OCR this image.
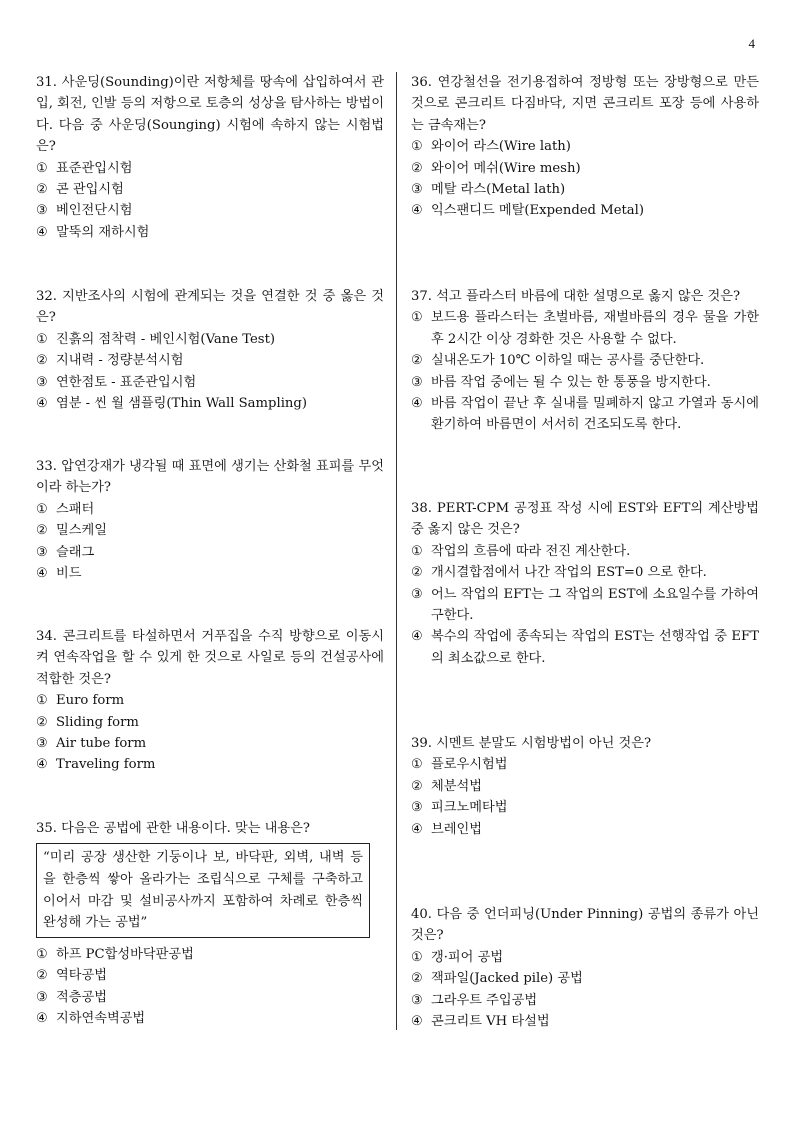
4
31. 사운딩(Sounding)이란 저항체를 땅속에 삽입하여서 관입, 회전, 인발 등의 저항으로 토층의 성상을 탐사하는 방법이다. 다음 중 사운딩(Sounging) 시험에 속하지 않는 시험법은?
① 표준관입시험
② 콘 관입시험
③ 베인전단시험
④ 말뚝의 재하시험
32. 지반조사의 시험에 관계되는 것을 연결한 것 중 옳은 것은?
① 진흙의 점착력 - 베인시험(Vane Test)
② 지내력 - 정량분석시험
③ 연한점토 - 표준관입시험
④ 염분 - 씬 월 샘플링(Thin Wall Sampling)
33. 압연강재가 냉각될 때 표면에 생기는 산화철 표피를 무엇이라 하는가?
① 스패터
② 밀스케일
③ 슬래그
④ 비드
34. 콘크리트를 타설하면서 거푸집을 수직 방향으로 이동시켜 연속작업을 할 수 있게 한 것으로 사일로 등의 건설공사에 적합한 것은?
① Euro form
② Sliding form
③ Air tube form
④ Traveling form
35. 다음은 공법에 관한 내용이다. 맞는 내용은?
“미리 공장 생산한 기둥이나 보, 바닥판, 외벽, 내벽 등을 한층씩 쌓아 올라가는 조립식으로 구체를 구축하고 이어서 마감 및 설비공사까지 포함하여 차례로 한층씩 완성해 가는 공법”
① 하프 PC합성바닥판공법
② 역타공법
③ 적층공법
④ 지하연속벽공법
36. 연강철선을 전기용접하여 정방형 또는 장방형으로 만든 것으로 콘크리트 다짐바닥, 지면 콘크리트 포장 등에 사용하는 금속재는?
① 와이어 라스(Wire lath)
② 와이어 메쉬(Wire mesh)
③ 메탈 라스(Metal lath)
④ 익스팬디드 메탈(Expended Metal)
37. 석고 플라스터 바름에 대한 설명으로 옳지 않은 것은?
① 보드용 플라스터는 초벌바름, 재벌바름의 경우 물을 가한 후 2시간 이상 경화한 것은 사용할 수 없다.
② 실내온도가 10℃ 이하일 때는 공사를 중단한다.
③ 바름 작업 중에는 될 수 있는 한 통풍을 방지한다.
④ 바름 작업이 끝난 후 실내를 밀폐하지 않고 가열과 동시에 환기하여 바름면이 서서히 건조되도록 한다.
38. PERT-CPM 공정표 작성 시에 EST와 EFT의 계산방법 중 옳지 않은 것은?
① 작업의 흐름에 따라 전진 계산한다.
② 개시결합점에서 나간 작업의 EST=0 으로 한다.
③ 어느 작업의 EFT는 그 작업의 EST에 소요일수를 가하여 구한다.
④ 복수의 작업에 종속되는 작업의 EST는 선행작업 중 EFT의 최소값으로 한다.
39. 시멘트 분말도 시험방법이 아닌 것은?
① 플로우시험법
② 체분석법
③ 피크노메타법
④ 브레인법
40. 다음 중 언더피닝(Under Pinning) 공법의 종류가 아닌 것은?
① 갱·피어 공법
② 잭파일(Jacked pile) 공법
③ 그라우트 주입공법
④ 콘크리트 VH 타설법
